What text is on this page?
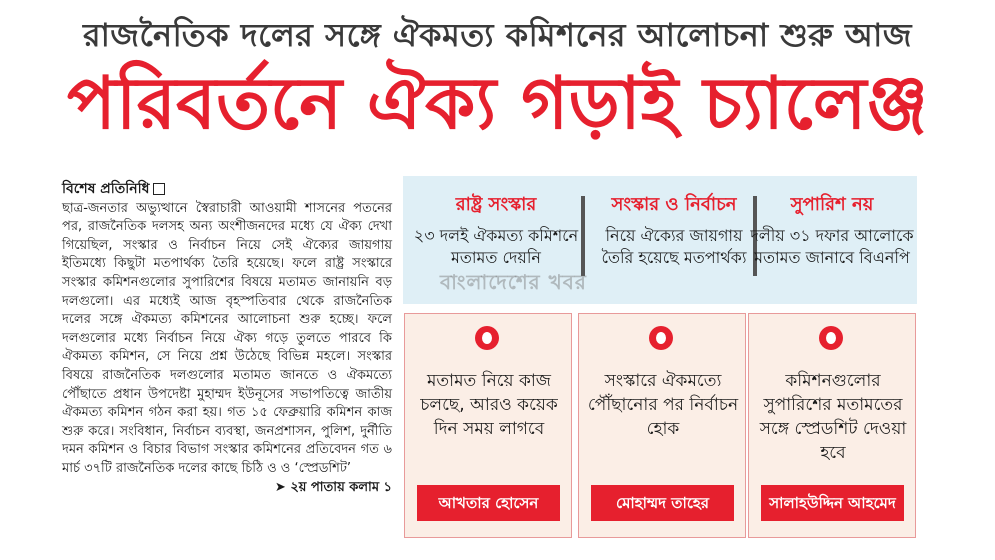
রাজনৈতিক দলের সঙ্গে ঐকমত্য কমিশনের আলোচনা শুরু আজ
পরিবর্তনে ঐক্য গড়াই চ্যালেঞ্জ
বিশেষ প্রতিনিধি
ছাত্র-জনতার অভ্যুত্থানে স্বৈরাচারী আওয়ামী শাসনের পতনের পর, রাজনৈতিক দলসহ অন্য অংশীজনদের মধ্যে যে ঐক্য দেখা গিয়েছিল, সংস্কার ও নির্বাচন নিয়ে সেই ঐক্যের জায়গায় ইতিমধ্যে কিছুটা মতপার্থক্য তৈরি হয়েছে। ফলে রাষ্ট্র সংস্কারে সংস্কার কমিশনগুলোর সুপারিশের বিষয়ে মতামত জানায়নি বড় দলগুলো। এর মধ্যেই আজ বৃহস্পতিবার থেকে রাজনৈতিক দলের সঙ্গে ঐকমত্য কমিশনের আলোচনা শুরু হচ্ছে। ফলে দলগুলোর মধ্যে নির্বাচন নিয়ে ঐক্য গড়ে তুলতে পারবে কি ঐকমত্য কমিশন, সে নিয়ে প্রশ্ন উঠেছে বিভিন্ন মহলে। সংস্কার বিষয়ে রাজনৈতিক দলগুলোর মতামত জানতে ও ঐকমত্যে পৌঁছাতে প্রধান উপদেষ্টা মুহাম্মদ ইউনূসের সভাপতিত্বে জাতীয় ঐকমত্য কমিশন গঠন করা হয়। গত ১৫ ফেব্রুয়ারি কমিশন কাজ শুরু করে। সংবিধান, নির্বাচন ব্যবস্থা, জনপ্রশাসন, পুলিশ, দুর্নীতি দমন কমিশন ও বিচার বিভাগ সংস্কার কমিশনের প্রতিবেদন গত ৬ মার্চ ৩৭টি রাজনৈতিক দলের কাছে চিঠি ও ও ‘স্প্রেডশিট’
➤ ২য় পাতায় কলাম ১
রাষ্ট্র সংস্কার
২৩ দলই ঐকমত্য কমিশনে মতামত দেয়নি
সংস্কার ও নির্বাচন
নিয়ে ঐক্যের জায়গায় তৈরি হয়েছে মতপার্থক্য
সুপারিশ নয়
দলীয় ৩১ দফার আলোকে মতামত জানাবে বিএনপি
বাংলাদেশের খবর
মতামত নিয়ে কাজ চলছে, আরও কয়েক দিন সময় লাগবে
আখতার হোসেন
সংস্কারে ঐকমত্যে পৌঁছানোর পর নির্বাচন হোক
মোহাম্মদ তাহের
কমিশনগুলোর সুপারিশের মতামতের সঙ্গে স্প্রেডশিট দেওয়া হবে
সালাহউদ্দিন আহমেদ
